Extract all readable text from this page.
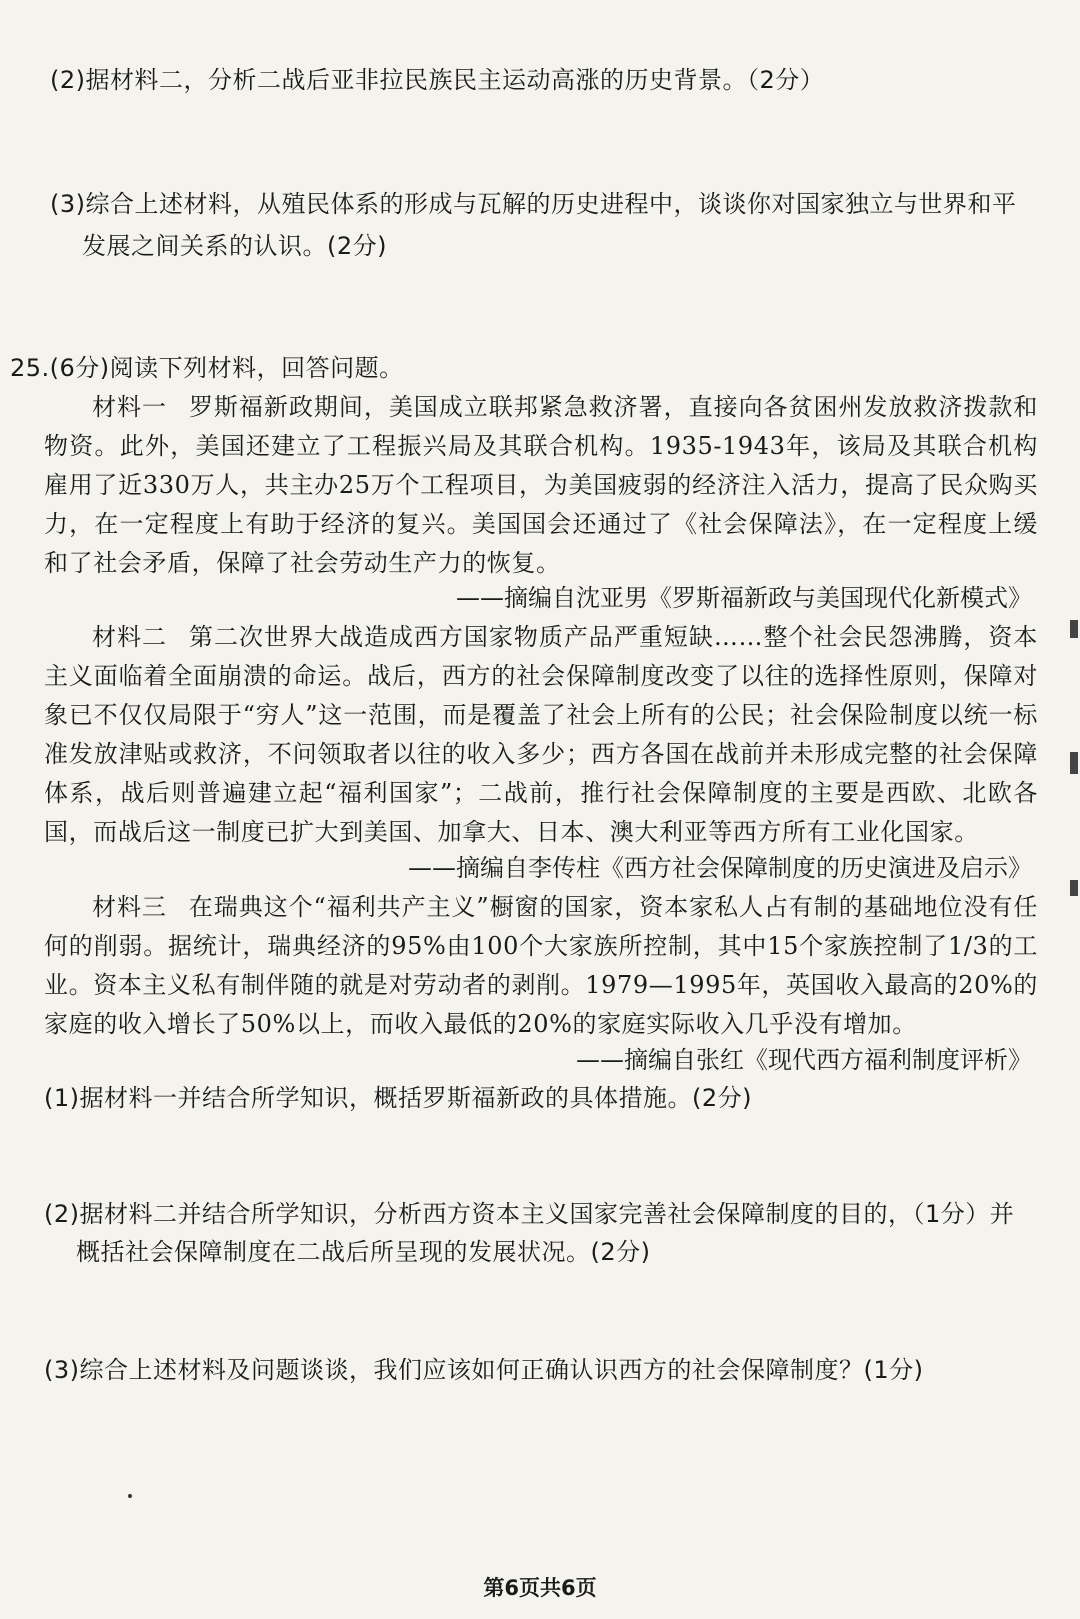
(2)据材料二，分析二战后亚非拉民族民主运动高涨的历史背景。（2分）

(3)综合上述材料，从殖民体系的形成与瓦解的历史进程中，谈谈你对国家独立与世界和平

发展之间关系的认识。(2分)

25.(6分)阅读下列材料，回答问题。

材料一 罗斯福新政期间，美国成立联邦紧急救济署，直接向各贫困州发放救济拨款和物资。此外，美国还建立了工程振兴局及其联合机构。1935-1943年，该局及其联合机构雇用了近330万人，共主办25万个工程项目，为美国疲弱的经济注入活力，提高了民众购买力，在一定程度上有助于经济的复兴。美国国会还通过了《社会保障法》，在一定程度上缓和了社会矛盾，保障了社会劳动生产力的恢复。

——摘编自沈亚男《罗斯福新政与美国现代化新模式》

材料二 第二次世界大战造成西方国家物质产品严重短缺……整个社会民怨沸腾，资本主义面临着全面崩溃的命运。战后，西方的社会保障制度改变了以往的选择性原则，保障对象已不仅仅局限于“穷人”这一范围，而是覆盖了社会上所有的公民；社会保险制度以统一标准发放津贴或救济，不问领取者以往的收入多少；西方各国在战前并未形成完整的社会保障体系，战后则普遍建立起“福利国家”；二战前，推行社会保障制度的主要是西欧、北欧各国，而战后这一制度已扩大到美国、加拿大、日本、澳大利亚等西方所有工业化国家。

——摘编自李传柱《西方社会保障制度的历史演进及启示》

材料三 在瑞典这个“福利共产主义”橱窗的国家，资本家私人占有制的基础地位没有任何的削弱。据统计，瑞典经济的95%由100个大家族所控制，其中15个家族控制了1/3的工业。资本主义私有制伴随的就是对劳动者的剥削。1979—1995年，英国收入最高的20%的家庭的收入增长了50%以上，而收入最低的20%的家庭实际收入几乎没有增加。

——摘编自张红《现代西方福利制度评析》

(1)据材料一并结合所学知识，概括罗斯福新政的具体措施。(2分)

(2)据材料二并结合所学知识，分析西方资本主义国家完善社会保障制度的目的，（1分）并

概括社会保障制度在二战后所呈现的发展状况。(2分)

(3)综合上述材料及问题谈谈，我们应该如何正确认识西方的社会保障制度？(1分)

第6页共6页
